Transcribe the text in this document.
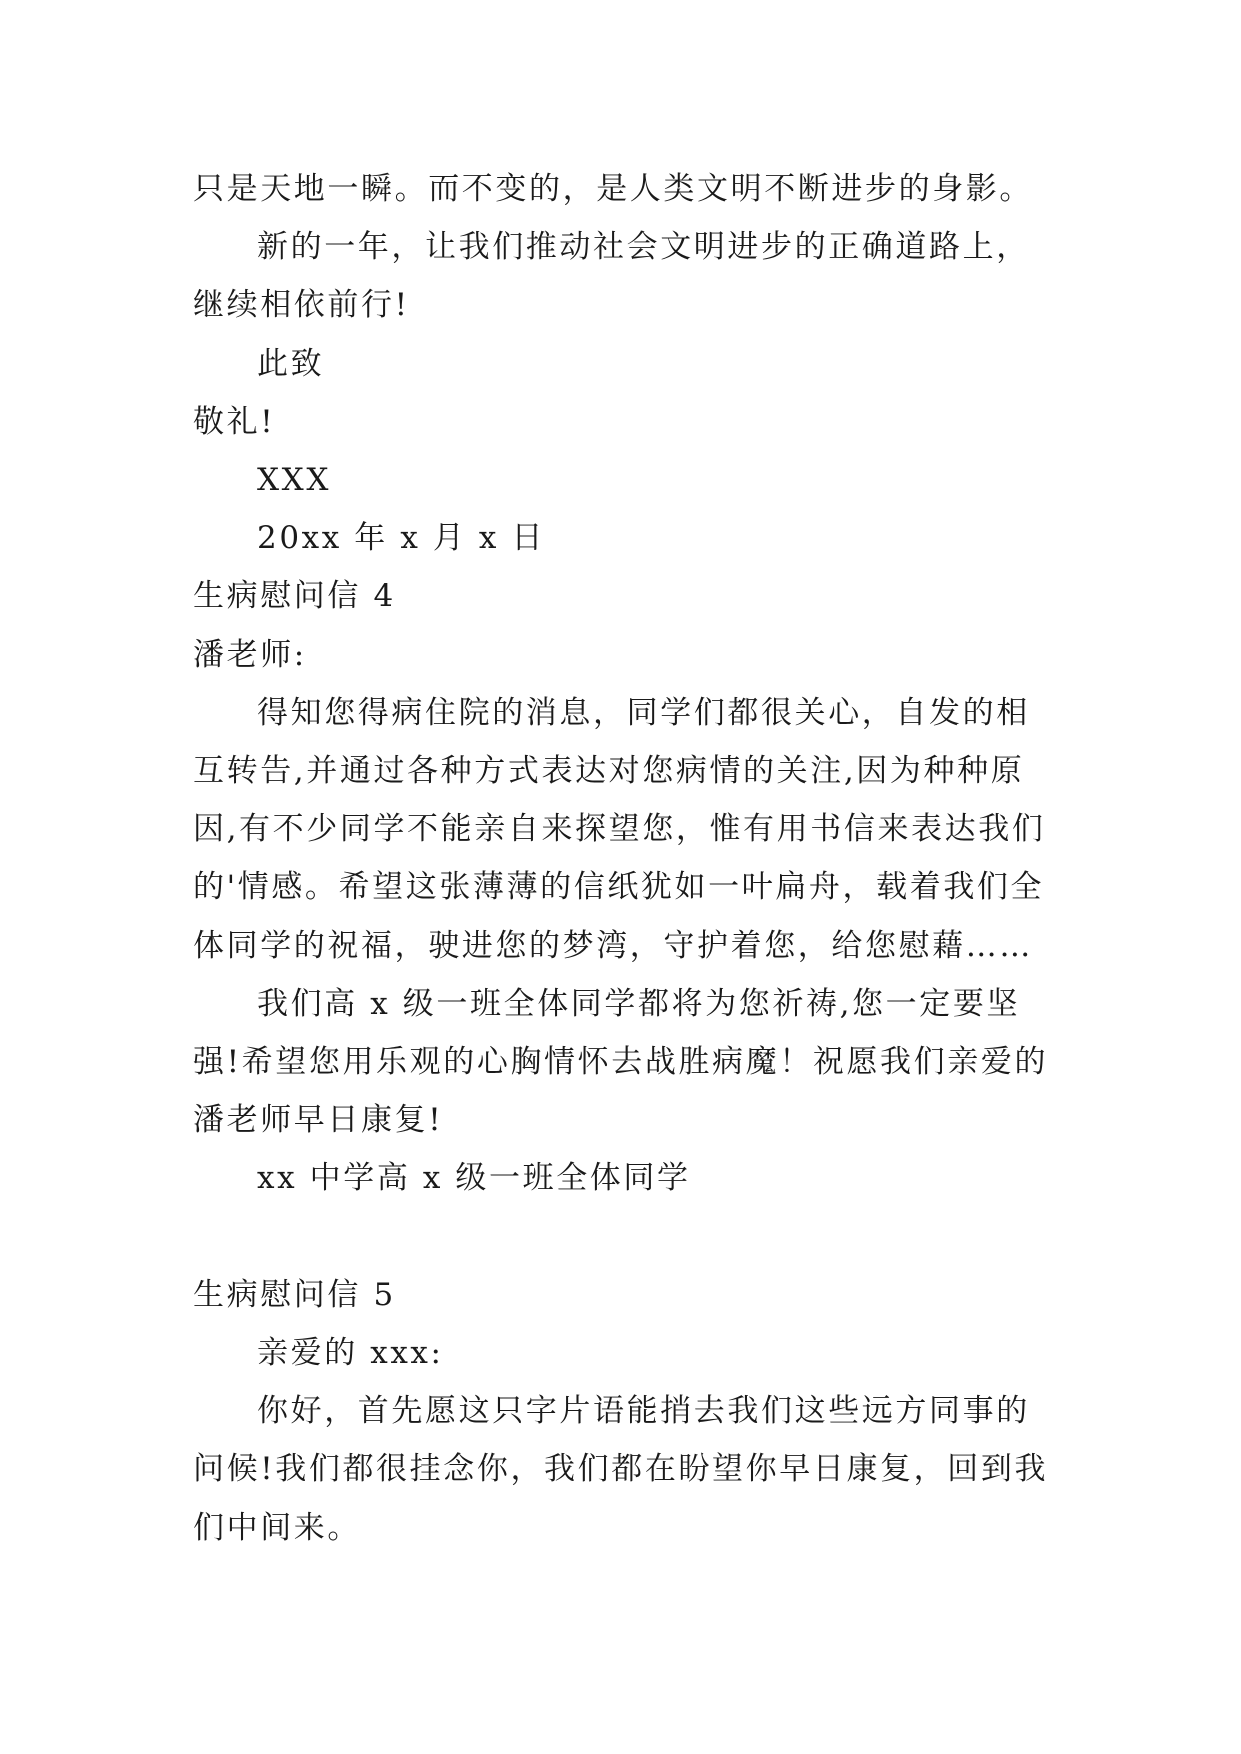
只是天地一瞬。而不变的，是人类文明不断进步的身影。

新的一年，让我们推动社会文明进步的正确道路上，继续相依前行!

此致

敬礼!

XXX

20xx 年 x 月 x 日

生病慰问信 4

潘老师:

得知您得病住院的消息，同学们都很关心，自发的相互转告,并通过各种方式表达对您病情的关注,因为种种原因,有不少同学不能亲自来探望您，惟有用书信来表达我们的'情感。希望这张薄薄的信纸犹如一叶扁舟，载着我们全体同学的祝福，驶进您的梦湾，守护着您，给您慰藉……

我们高 x 级一班全体同学都将为您祈祷,您一定要坚强!希望您用乐观的心胸情怀去战胜病魔！祝愿我们亲爱的潘老师早日康复!

xx 中学高 x 级一班全体同学

生病慰问信 5

亲爱的 xxx:

你好，首先愿这只字片语能捎去我们这些远方同事的问候!我们都很挂念你，我们都在盼望你早日康复，回到我们中间来。
